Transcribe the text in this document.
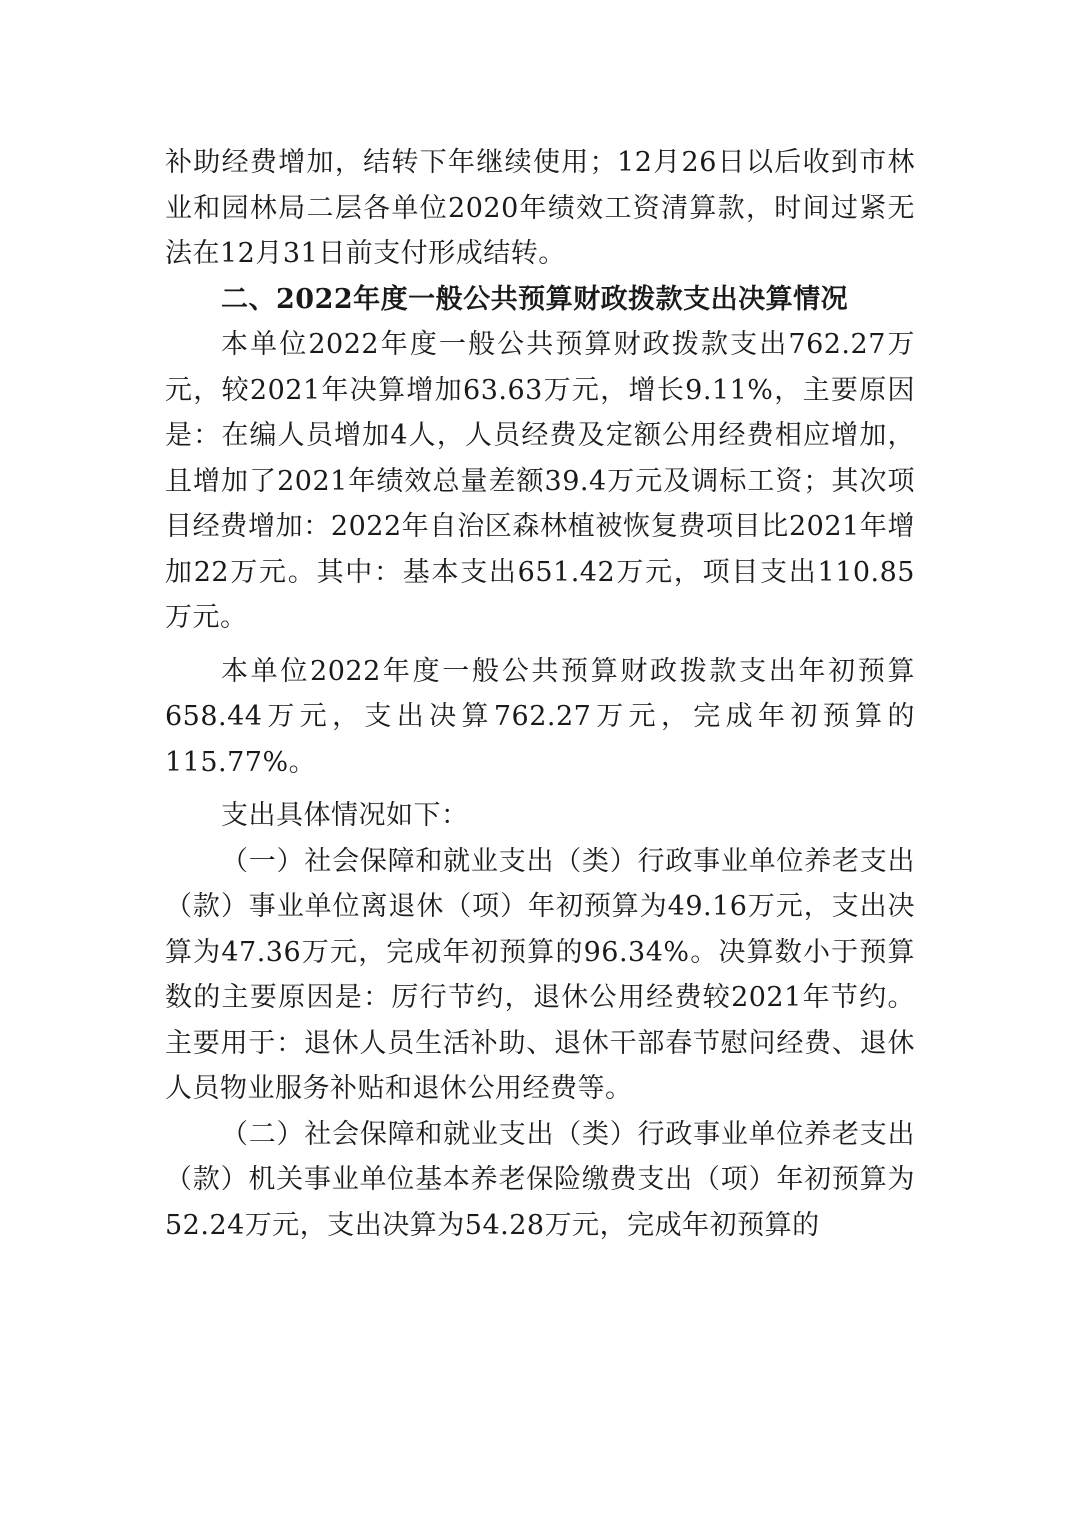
补助经费增加，结转下年继续使用；12月26日以后收到市林业和园林局二层各单位2020年绩效工资清算款，时间过紧无法在12月31日前支付形成结转。

二、2022年度一般公共预算财政拨款支出决算情况

本单位2022年度一般公共预算财政拨款支出762.27万元，较2021年决算增加63.63万元，增长9.11%，主要原因是：在编人员增加4人，人员经费及定额公用经费相应增加，且增加了2021年绩效总量差额39.4万元及调标工资；其次项目经费增加：2022年自治区森林植被恢复费项目比2021年增加22万元。其中：基本支出651.42万元，项目支出110.85万元。

本单位2022年度一般公共预算财政拨款支出年初预算658.44万元，支出决算762.27万元，完成年初预算的115.77%。

支出具体情况如下：

（一）社会保障和就业支出（类）行政事业单位养老支出（款）事业单位离退休（项）年初预算为49.16万元，支出决算为47.36万元，完成年初预算的96.34%。决算数小于预算数的主要原因是：厉行节约，退休公用经费较2021年节约。主要用于：退休人员生活补助、退休干部春节慰问经费、退休人员物业服务补贴和退休公用经费等。

（二）社会保障和就业支出（类）行政事业单位养老支出（款）机关事业单位基本养老保险缴费支出（项）年初预算为52.24万元，支出决算为54.28万元，完成年初预算的
